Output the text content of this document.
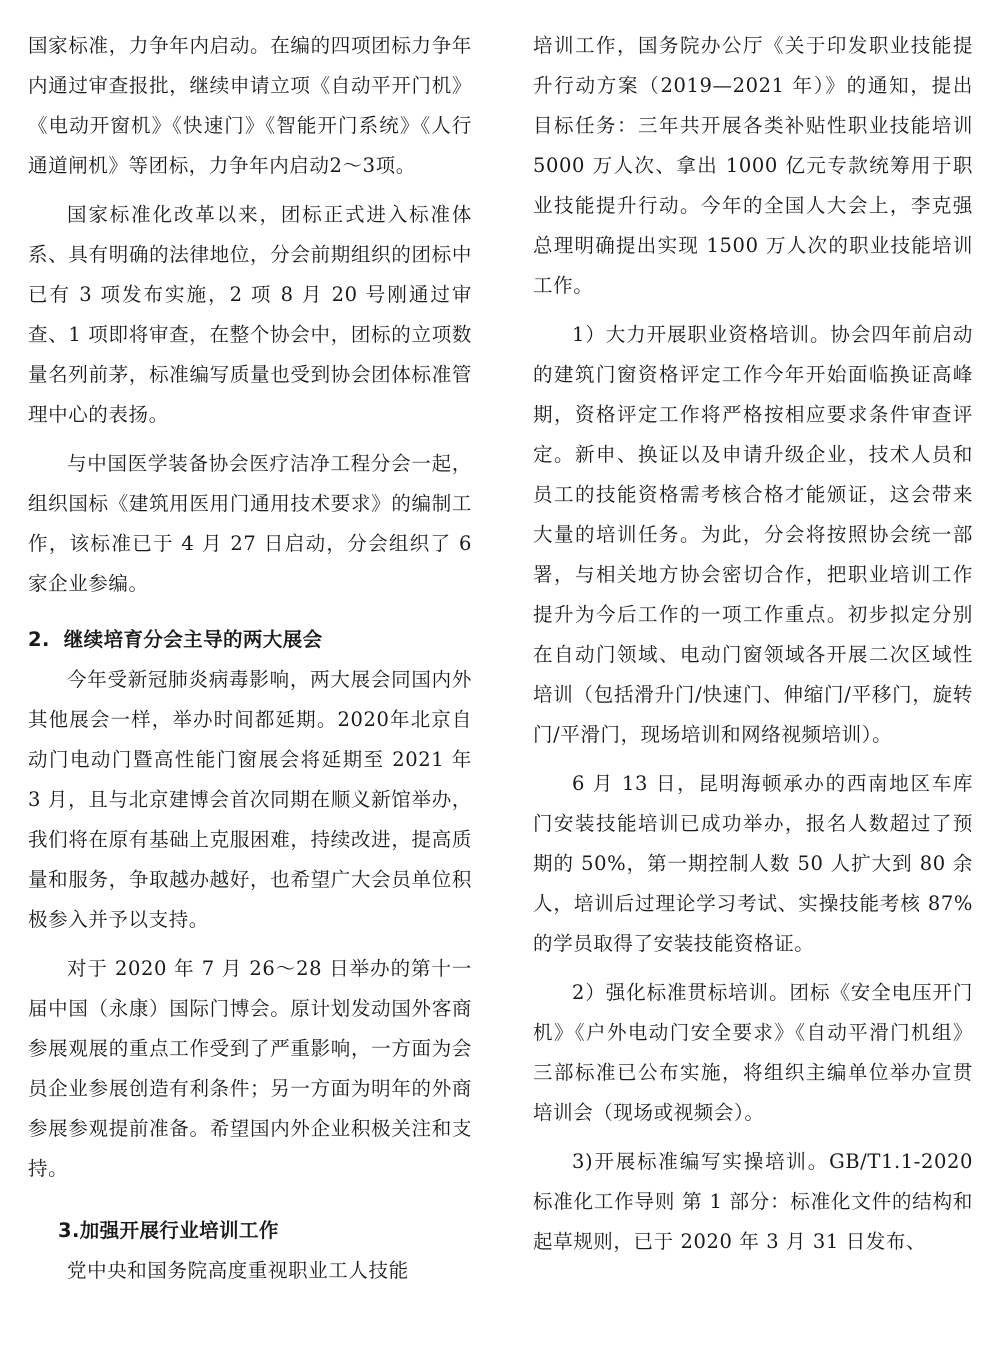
国家标准，力争年内启动。在编的四项团标力争年内通过审查报批，继续申请立项《自动平开门机》《电动开窗机》《快速门》《智能开门系统》《人行通道闸机》等团标，力争年内启动2～3项。

国家标准化改革以来，团标正式进入标准体系、具有明确的法律地位，分会前期组织的团标中已有 3 项发布实施，2 项 8 月 20 号刚通过审查、1 项即将审查，在整个协会中，团标的立项数量名列前茅，标准编写质量也受到协会团体标准管理中心的表扬。

与中国医学装备协会医疗洁净工程分会一起，组织国标《建筑用医用门通用技术要求》的编制工作，该标准已于 4 月 27 日启动，分会组织了 6 家企业参编。

2. 继续培育分会主导的两大展会

今年受新冠肺炎病毒影响，两大展会同国内外其他展会一样，举办时间都延期。2020年北京自动门电动门暨高性能门窗展会将延期至 2021 年 3 月，且与北京建博会首次同期在顺义新馆举办，我们将在原有基础上克服困难，持续改进，提高质量和服务，争取越办越好，也希望广大会员单位积极参入并予以支持。

对于 2020 年 7 月 26～28 日举办的第十一届中国（永康）国际门博会。原计划发动国外客商参展观展的重点工作受到了严重影响，一方面为会员企业参展创造有利条件；另一方面为明年的外商参展参观提前准备。希望国内外企业积极关注和支持。

3.加强开展行业培训工作

党中央和国务院高度重视职业工人技能

培训工作，国务院办公厅《关于印发职业技能提升行动方案（2019—2021 年）》的通知，提出目标任务：三年共开展各类补贴性职业技能培训 5000 万人次、拿出 1000 亿元专款统筹用于职业技能提升行动。今年的全国人大会上，李克强总理明确提出实现 1500 万人次的职业技能培训工作。

1）大力开展职业资格培训。协会四年前启动的建筑门窗资格评定工作今年开始面临换证高峰期，资格评定工作将严格按相应要求条件审查评定。新申、换证以及申请升级企业，技术人员和员工的技能资格需考核合格才能颁证，这会带来大量的培训任务。为此，分会将按照协会统一部署，与相关地方协会密切合作，把职业培训工作提升为今后工作的一项工作重点。初步拟定分别在自动门领域、电动门窗领域各开展二次区域性培训（包括滑升门/快速门、伸缩门/平移门，旋转门/平滑门，现场培训和网络视频培训）。

6 月 13 日，昆明海顿承办的西南地区车库门安装技能培训已成功举办，报名人数超过了预期的 50%，第一期控制人数 50 人扩大到 80 余人，培训后过理论学习考试、实操技能考核 87%的学员取得了安装技能资格证。

2）强化标准贯标培训。团标《安全电压开门机》《户外电动门安全要求》《自动平滑门机组》三部标准已公布实施，将组织主编单位举办宣贯培训会（现场或视频会）。

3)开展标准编写实操培训。GB/T1.1-2020 标准化工作导则 第 1 部分：标准化文件的结构和起草规则，已于 2020 年 3 月 31 日发布、
